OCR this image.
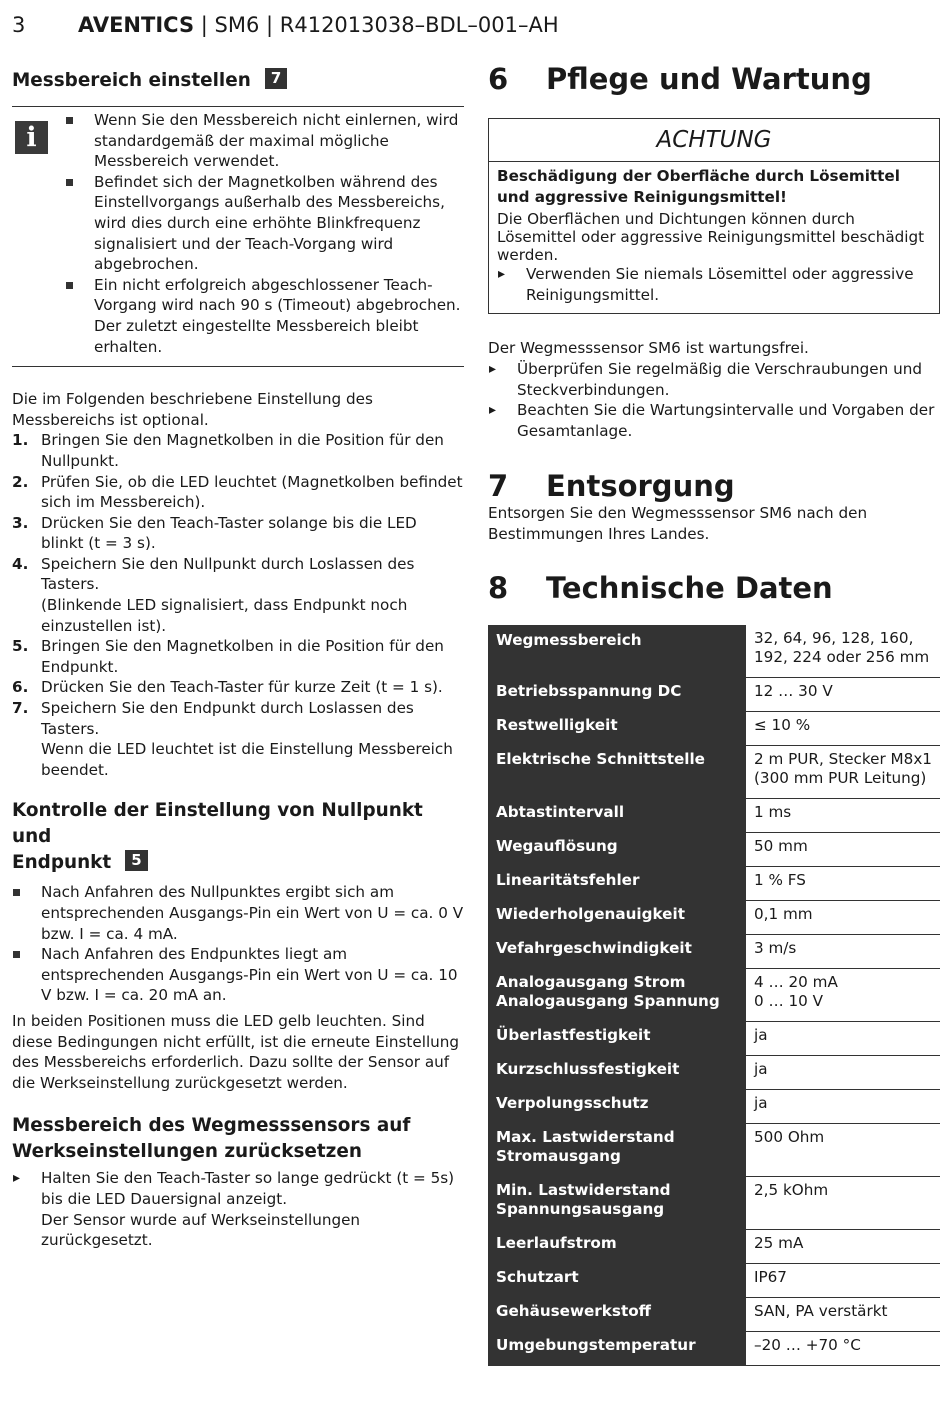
3	AVENTICS | SM6 | R412013038–BDL–001–AH
Messbereich einstellen 7
i
Wenn Sie den Messbereich nicht einlernen, wird standardgemäß der maximal mögliche Messbereich verwendet.
Befindet sich der Magnetkolben während des Einstellvorgangs außerhalb des Messbereichs, wird dies durch eine erhöhte Blinkfrequenz signalisiert und der Teach-Vorgang wird abgebrochen.
Ein nicht erfolgreich abgeschlossener Teach-Vorgang wird nach 90 s (Timeout) abgebrochen. Der zuletzt eingestellte Messbereich bleibt erhalten.

Die im Folgenden beschriebene Einstellung des Messbereichs ist optional.

1. Bringen Sie den Magnetkolben in die Position für den Nullpunkt.
2. Prüfen Sie, ob die LED leuchtet (Magnetkolben befindet sich im Messbereich).
3. Drücken Sie den Teach-Taster solange bis die LED blinkt (t = 3 s).
4. Speichern Sie den Nullpunkt durch Loslassen des Tasters.
(Blinkende LED signalisiert, dass Endpunkt noch einzustellen ist).
5. Bringen Sie den Magnetkolben in die Position für den Endpunkt.
6. Drücken Sie den Teach-Taster für kurze Zeit (t = 1 s).
7. Speichern Sie den Endpunkt durch Loslassen des Tasters.
Wenn die LED leuchtet ist die Einstellung Messbereich beendet.
Kontrolle der Einstellung von Nullpunkt und
Endpunkt 5
Nach Anfahren des Nullpunktes ergibt sich am entsprechenden Ausgangs-Pin ein Wert von U = ca. 0 V bzw. I = ca. 4 mA.
Nach Anfahren des Endpunktes liegt am entsprechenden Ausgangs-Pin ein Wert von U = ca. 10 V bzw. I = ca. 20 mA an.

In beiden Positionen muss die LED gelb leuchten. Sind diese Bedingungen nicht erfüllt, ist die erneute Einstellung des Messbereichs erforderlich. Dazu sollte der Sensor auf die Werkseinstellung zurückgesetzt werden.

Messbereich des Wegmesssensors auf
Werkseinstellungen zurücksetzen
▸ Halten Sie den Teach-Taster so lange gedrückt (t = 5s) bis die LED Dauersignal anzeigt.
Der Sensor wurde auf Werkseinstellungen zurückgesetzt.
6 Pflege und Wartung
ACHTUNG

Beschädigung der Oberfläche durch Lösemittel und aggressive Reinigungsmittel!

Die Oberflächen und Dichtungen können durch Lösemittel oder aggressive Reinigungsmittel beschädigt werden.

▸ Verwenden Sie niemals Lösemittel oder aggressive Reinigungsmittel.

Der Wegmesssensor SM6 ist wartungsfrei.

▸ Überprüfen Sie regelmäßig die Verschraubungen und Steckverbindungen.
▸ Beachten Sie die Wartungsintervalle und Vorgaben der Gesamtanlage.
7 Entsorgung

Entsorgen Sie den Wegmesssensor SM6 nach den Bestimmungen Ihres Landes.

8 Technische Daten
Wegmessbereich	32, 64, 96, 128, 160, 192, 224 oder 256 mm

Betriebsspannung DC	12 … 30 V

Restwelligkeit	≤ 10 %

Elektrische Schnittstelle	2 m PUR, Stecker M8x1
(300 mm PUR Leitung)

Abtastintervall	1 ms

Wegauflösung	50 mm

Linearitätsfehler	1 % FS

Wiederholgenauigkeit	0,1 mm

Vefahrgeschwindigkeit	3 m/s

Analogausgang Strom Analogausgang Spannung	4 … 20 mA
0 … 10 V

Überlastfestigkeit	ja

Kurzschlussfestigkeit	ja

Verpolungsschutz	ja

Max. Lastwiderstand Stromausgang	500 Ohm

Min. Lastwiderstand Spannungsausgang	2,5 kOhm

Leerlaufstrom	25 mA

Schutzart	IP67

Gehäusewerkstoff	SAN, PA verstärkt

Umgebungstemperatur	–20 … +70 °C
